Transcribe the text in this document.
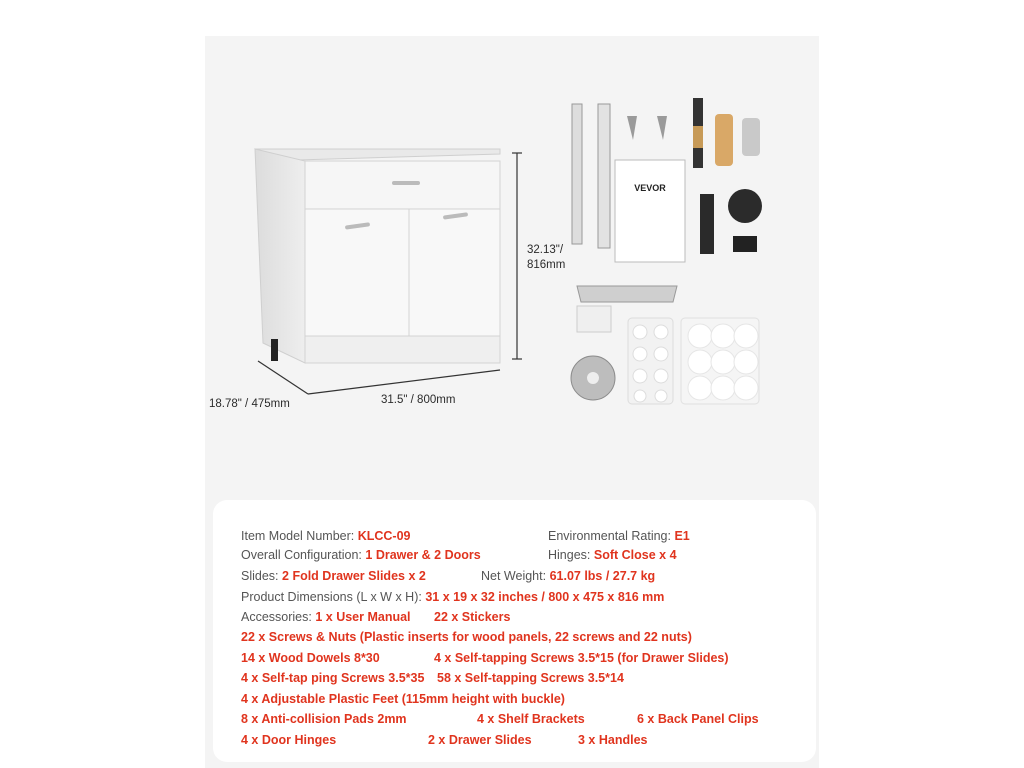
VEVOR
32.13"/
816mm
31.5" / 800mm
18.78" / 475mm
Item Model Number: KLCC-09	Environmental Rating: E1
Overall Configuration: 1 Drawer & 2 Doors	Hinges: Soft Close x 4
Slides: 2 Fold Drawer Slides x 2	Net Weight: 61.07 lbs / 27.7 kg
Product Dimensions (L x W x H): 31 x 19 x 32 inches / 800 x 475 x 816 mm
Accessories: 1 x User Manual 22 x Stickers
22 x Screws & Nuts (Plastic inserts for wood panels, 22 screws and 22 nuts)
14 x Wood Dowels 8*30	4 x Self-tapping Screws 3.5*15 (for Drawer Slides)
4 x Self-tap ping Screws 3.5*35 58 x Self-tapping Screws 3.5*14
4 x Adjustable Plastic Feet (115mm height with buckle)
8 x Anti-collision Pads 2mm	4 x Shelf Brackets	6 x Back Panel Clips
4 x Door Hinges	2 x Drawer Slides	3 x Handles
